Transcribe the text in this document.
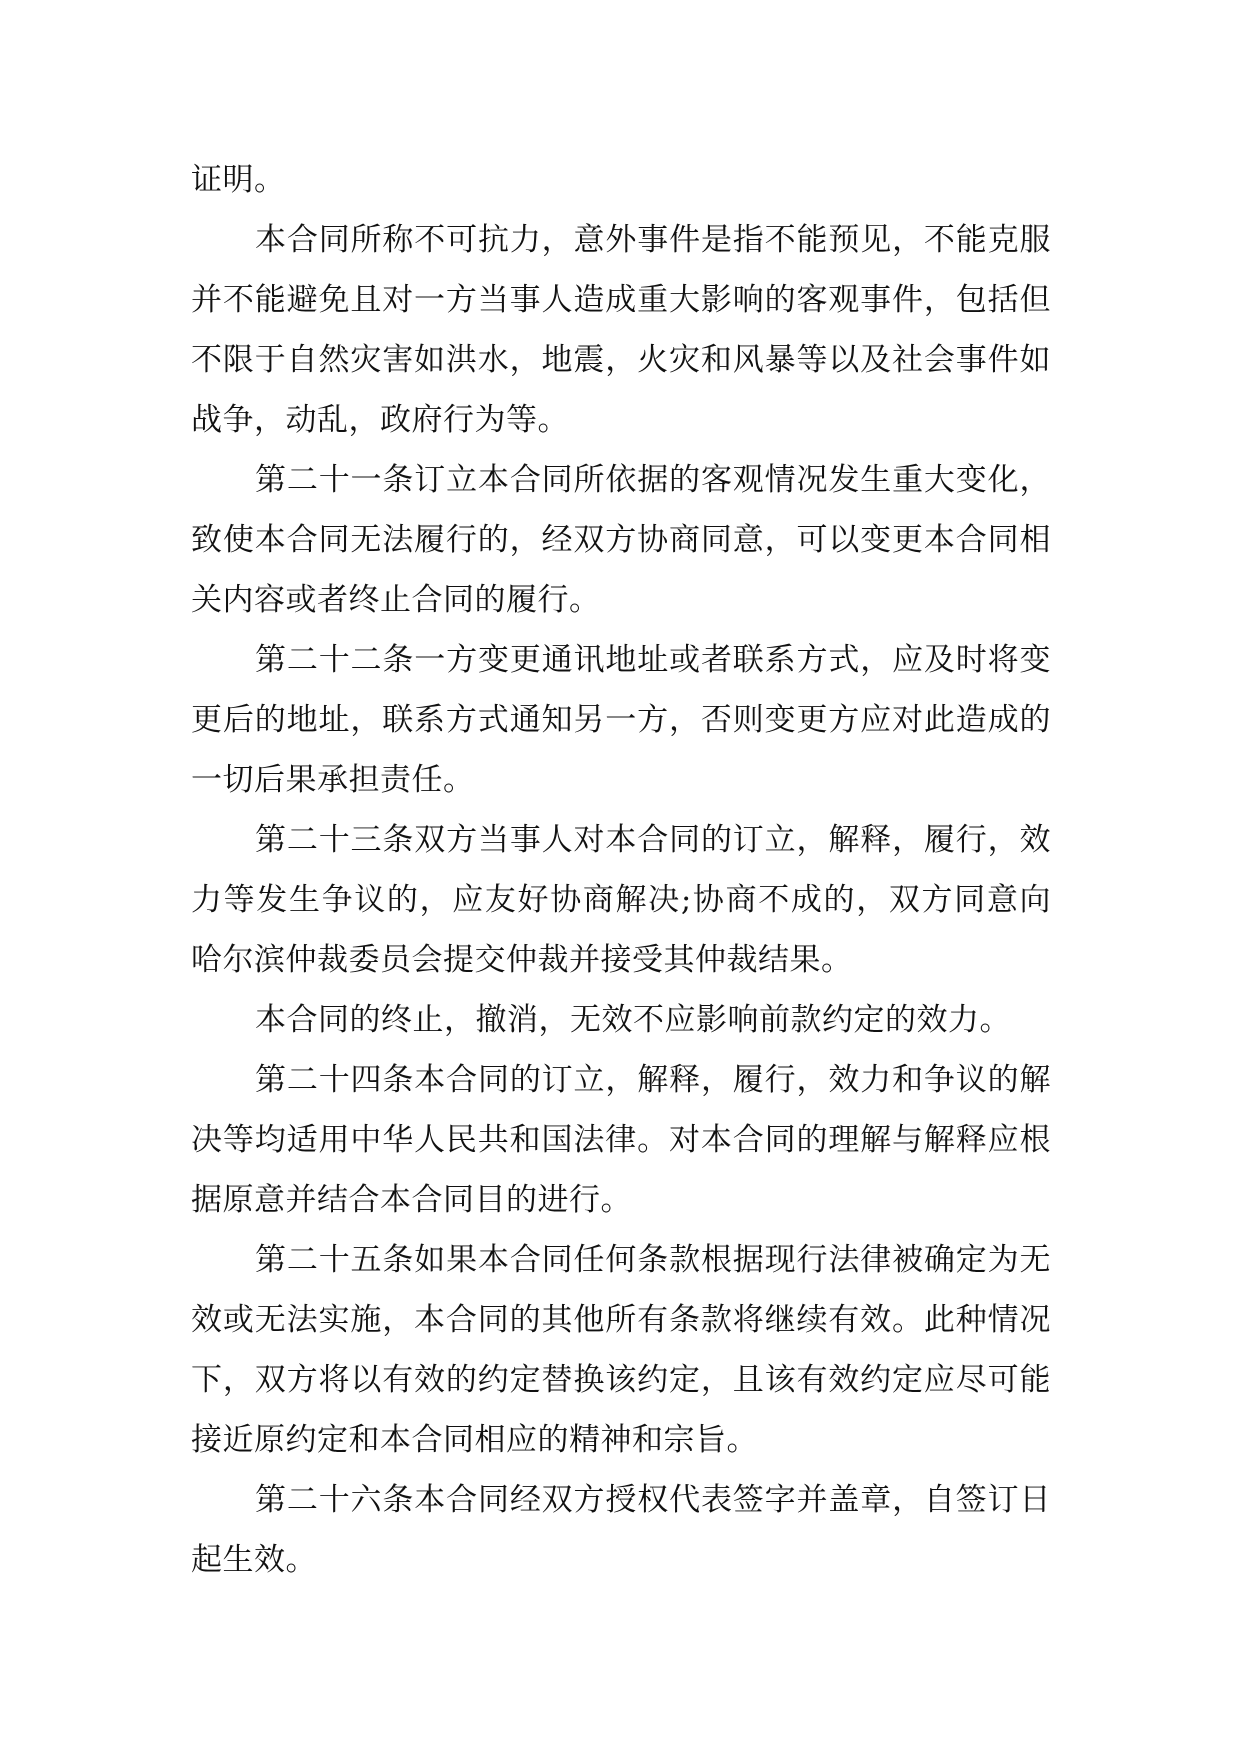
证明。

本合同所称不可抗力，意外事件是指不能预见，不能克服并不能避免且对一方当事人造成重大影响的客观事件，包括但不限于自然灾害如洪水，地震，火灾和风暴等以及社会事件如战争，动乱，政府行为等。

第二十一条订立本合同所依据的客观情况发生重大变化，致使本合同无法履行的，经双方协商同意，可以变更本合同相关内容或者终止合同的履行。

第二十二条一方变更通讯地址或者联系方式，应及时将变更后的地址，联系方式通知另一方，否则变更方应对此造成的一切后果承担责任。

第二十三条双方当事人对本合同的订立，解释，履行，效力等发生争议的，应友好协商解决;协商不成的，双方同意向哈尔滨仲裁委员会提交仲裁并接受其仲裁结果。

本合同的终止，撤消，无效不应影响前款约定的效力。

第二十四条本合同的订立，解释，履行，效力和争议的解决等均适用中华人民共和国法律。对本合同的理解与解释应根据原意并结合本合同目的进行。

第二十五条如果本合同任何条款根据现行法律被确定为无效或无法实施，本合同的其他所有条款将继续有效。此种情况下，双方将以有效的约定替换该约定，且该有效约定应尽可能接近原约定和本合同相应的精神和宗旨。

第二十六条本合同经双方授权代表签字并盖章，自签订日起生效。
